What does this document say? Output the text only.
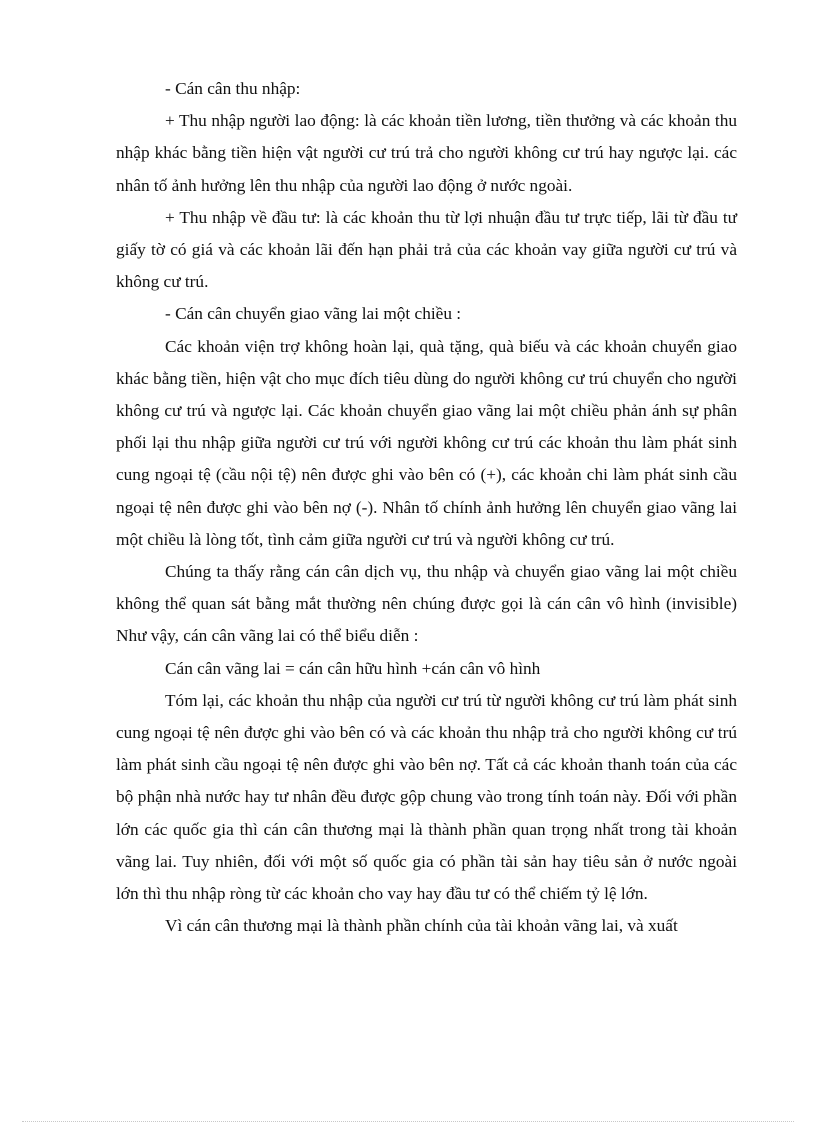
- Cán cân thu nhập:

+ Thu nhập người lao động: là các khoản tiền lương, tiền thưởng và các khoản thu nhập khác bằng tiền hiện vật người cư trú trả cho người không cư trú hay ngược lại. các nhân tố ảnh hưởng lên thu nhập của người lao động ở nước ngoài.

+ Thu nhập về đầu tư: là các khoản thu từ lợi nhuận đầu tư trực tiếp, lãi từ đầu tư giấy tờ có giá và các khoản lãi đến hạn phải trả của các khoản vay giữa người cư trú và không cư trú.

- Cán cân chuyển giao vãng lai một chiều :

Các khoản viện trợ không hoàn lại, quà tặng, quà biếu và các khoản chuyển giao khác bằng tiền, hiện vật cho mục đích tiêu dùng do người không cư trú chuyển cho người không cư trú và ngược lại. Các khoản chuyển giao vãng lai một chiều phản ánh sự phân phối lại thu nhập giữa người cư trú với người không cư trú các khoản thu làm phát sinh cung ngoại tệ (cầu nội tệ) nên được ghi vào bên có (+), các khoản chi làm phát sinh cầu ngoại tệ nên được ghi vào bên nợ (-). Nhân tố chính ảnh hưởng lên chuyển giao vãng lai một chiều là lòng tốt, tình cảm giữa người cư trú và người không cư trú.

Chúng ta thấy rằng cán cân dịch vụ, thu nhập và chuyển giao vãng lai một chiều không thể quan sát bằng mắt thường nên chúng được gọi là cán cân vô hình (invisible) Như vậy, cán cân vãng lai có thể biểu diễn :

Cán cân vãng lai = cán cân hữu hình +cán cân vô hình

Tóm lại, các khoản thu nhập của người cư trú từ người không cư trú làm phát sinh cung ngoại tệ nên được ghi vào bên có và các khoản thu nhập trả cho người không cư trú làm phát sinh cầu ngoại tệ nên được ghi vào bên nợ. Tất cả các khoản thanh toán của các bộ phận nhà nước hay tư nhân đều được gộp chung vào trong tính toán này. Đối với phần lớn các quốc gia thì cán cân thương mại là thành phần quan trọng nhất trong tài khoản vãng lai. Tuy nhiên, đối với một số quốc gia có phần tài sản hay tiêu sản ở nước ngoài lớn thì thu nhập ròng từ các khoản cho vay hay đầu tư có thể chiếm tỷ lệ lớn.

Vì cán cân thương mại là thành phần chính của tài khoản vãng lai, và xuất
